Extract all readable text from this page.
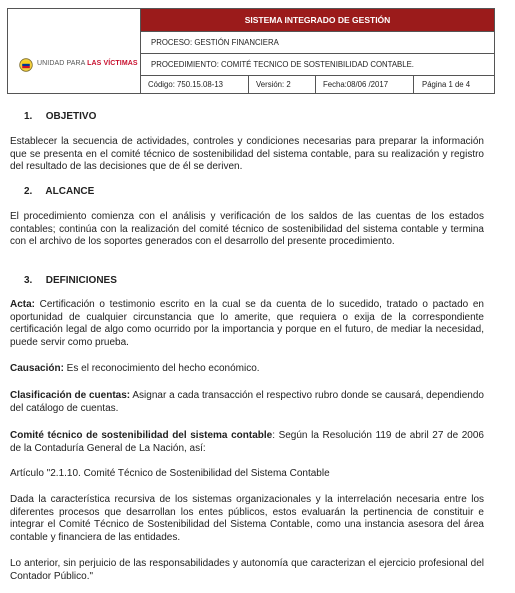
UNIDAD PARA LAS VÍCTIMAS
SISTEMA INTEGRADO DE GESTIÓN
PROCESO: GESTIÓN FINANCIERA
PROCEDIMIENTO: COMITÉ TECNICO DE SOSTENIBILIDAD CONTABLE.
Código: 750.15.08-13	Versión: 2	Fecha:08/06 /2017	Página 1 de 4
1. OBJETIVO
Establecer la secuencia de actividades, controles y condiciones necesarias para preparar la información que se presenta en el comité técnico de sostenibilidad del sistema contable, para su realización y registro del resultado de las decisiones que de él se deriven.
2. ALCANCE
El procedimiento comienza con el análisis y verificación de los saldos de las cuentas de los estados contables; continúa con la realización del comité técnico de sostenibilidad del sistema contable y termina con el archivo de los soportes generados con el desarrollo del presente procedimiento.
3. DEFINICIONES
Acta: Certificación o testimonio escrito en la cual se da cuenta de lo sucedido, tratado o pactado en oportunidad de cualquier circunstancia que lo amerite, que requiera o exija de la correspondiente certificación legal de algo como ocurrido por la importancia y porque en el futuro, de mediar la necesidad, puede servir como prueba.
Causación: Es el reconocimiento del hecho económico.
Clasificación de cuentas: Asignar a cada transacción el respectivo rubro donde se causará, dependiendo del catálogo de cuentas.
Comité técnico de sostenibilidad del sistema contable: Según la Resolución 119 de abril 27 de 2006 de la Contaduría General de La Nación, así:
Artículo "2.1.10. Comité Técnico de Sostenibilidad del Sistema Contable
Dada la característica recursiva de los sistemas organizacionales y la interrelación necesaria entre los diferentes procesos que desarrollan los entes públicos, estos evaluarán la pertinencia de constituir e integrar el Comité Técnico de Sostenibilidad del Sistema Contable, como una instancia asesora del área contable y financiera de las entidades.
Lo anterior, sin perjuicio de las responsabilidades y autonomía que caracterizan el ejercicio profesional del Contador Público."
